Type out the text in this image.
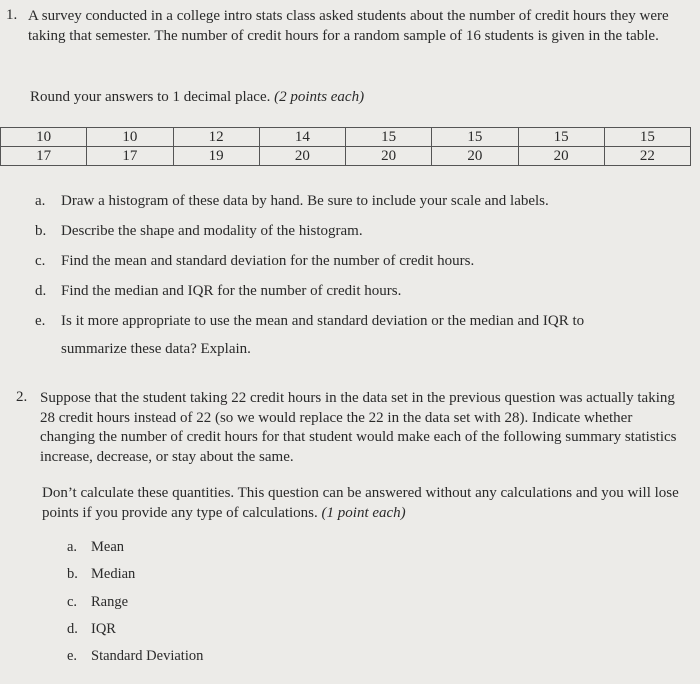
1. A survey conducted in a college intro stats class asked students about the number of credit hours they were taking that semester. The number of credit hours for a random sample of 16 students is given in the table.

Round your answers to 1 decimal place. (2 points each)

10	10	12	14	15	15	15	15
17	17	19	20	20	20	20	22
a. Draw a histogram of these data by hand. Be sure to include your scale and labels.
b. Describe the shape and modality of the histogram.
c. Find the mean and standard deviation for the number of credit hours.
d. Find the median and IQR for the number of credit hours.
e. Is it more appropriate to use the mean and standard deviation or the median and IQR to
summarize these data? Explain.
2. Suppose that the student taking 22 credit hours in the data set in the previous question was actually taking 28 credit hours instead of 22 (so we would replace the 22 in the data set with 28). Indicate whether changing the number of credit hours for that student would make each of the following summary statistics increase, decrease, or stay about the same.

Don’t calculate these quantities. This question can be answered without any calculations and you will lose points if you provide any type of calculations. (1 point each)

a. Mean
b. Median
c. Range
d. IQR
e. Standard Deviation
